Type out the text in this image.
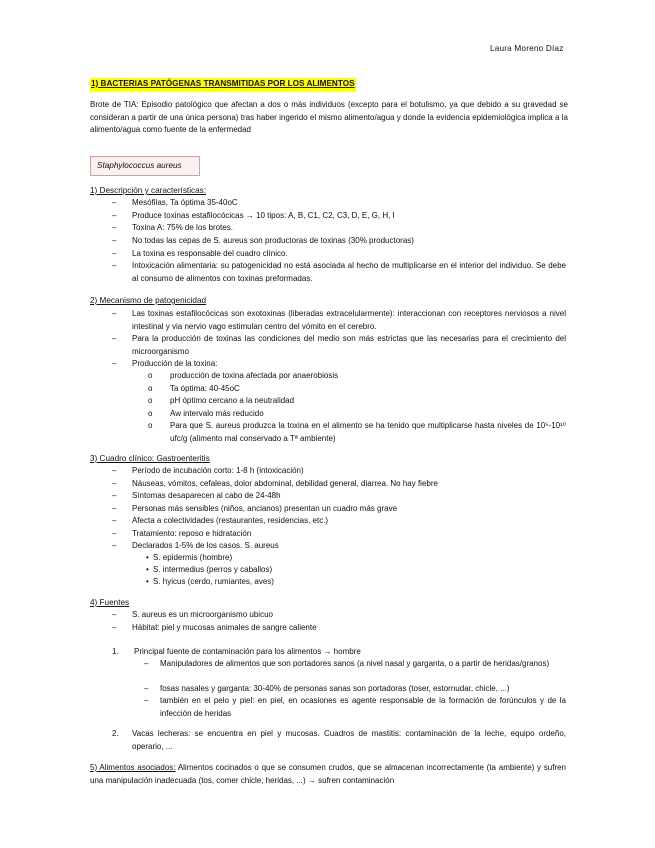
Laura Moreno Díaz
1) BACTERIAS PATÓGENAS TRANSMITIDAS POR LOS ALIMENTOS
Brote de TIA: Episodio patológico que afectan a dos o más individuos (excepto para el botulismo, ya que debido a su gravedad se consideran a partir de una única persona) tras haber ingerido el mismo alimento/agua y donde la evidencia epidemiológica implica a la alimento/agua como fuente de la enfermedad
Staphylococcus aureus
1) Descripción y características:
– Mesófilas, Ta óptima 35-40oC
– Produce toxinas estafilocócicas → 10 tipos: A, B, C1, C2, C3, D, E, G, H, I
– Toxina A: 75% de los brotes.
– No todas las cepas de S. aureus son productoras de toxinas (30% productoras)
– La toxina es responsable del cuadro clínico.
– Intoxicación alimentaria: su patogenicidad no está asociada al hecho de multiplicarse en el interior del individuo. Se debe al consumo de alimentos con toxinas preformadas.
2) Mecanismo de patogenicidad
– Las toxinas estafilocócicas son exotoxinas (liberadas extracelularmente): interaccionan con receptores nerviosos a nivel intestinal y via nervio vago estimulan centro del vómito en el cerebro.
– Para la producción de toxinas las condiciones del medio son más estrictas que las necesarias para el crecimiento del microorganismo
– Producción de la toxina:
o producción de toxina afectada por anaerobiosis
o Ta óptima: 40-45oC
o pH óptimo cercano a la neutralidad
o Aw intervalo más reducido
o Para que S. aureus produzca la toxina en el alimento se ha tenido que multiplicarse hasta niveles de 10⁵-10¹⁰ ufc/g (alimento mal conservado a Tª ambiente)
3) Cuadro clínico: Gastroenteritis
– Período de incubación corto: 1-8 h (intoxicación)
– Náuseas, vómitos, cefaleas, dolor abdominal, debilidad general, diarrea. No hay fiebre
– Síntomas desaparecen al cabo de 24-48h
– Personas más sensibles (niños, ancianos) presentan un cuadro más grave
– Afecta a colectividades (restaurantes, residencias, etc.)
– Tratamiento: reposo e hidratación
– Declarados 1-5% de los casos. S. aureus
• S. epidermis (hombre)
• S. intermedius (perros y caballos)
• S. hyicus (cerdo, rumiantes, aves)
4) Fuentes
– S. aureus es un microorganismo ubicuo
– Hábitat: piel y mucosas animales de sangre caliente
1. Principal fuente de contaminación para los alimentos → hombre
– Manipuladores de alimentos que son portadores sanos (a nivel nasal y garganta, o a partir de heridas/granos)
– fosas nasales y garganta: 30-40% de personas sanas son portadoras (toser, estornudar, chicle, ...)
– también en el pelo y piel: en piel, en ocasiones es agente responsable de la formación de forúnculos y de la infección de heridas
2. Vacas lecheras: se encuentra en piel y mucosas. Cuadros de mastitis: contaminación de la leche, equipo ordeño, operario, ...
5) Alimentos asociados: Alimentos cocinados o que se consumen crudos, que se almacenan incorrectamente (ta ambiente) y sufren una manipulación inadecuada (tos, comer chicle, heridas, ...) → sufren contaminación
